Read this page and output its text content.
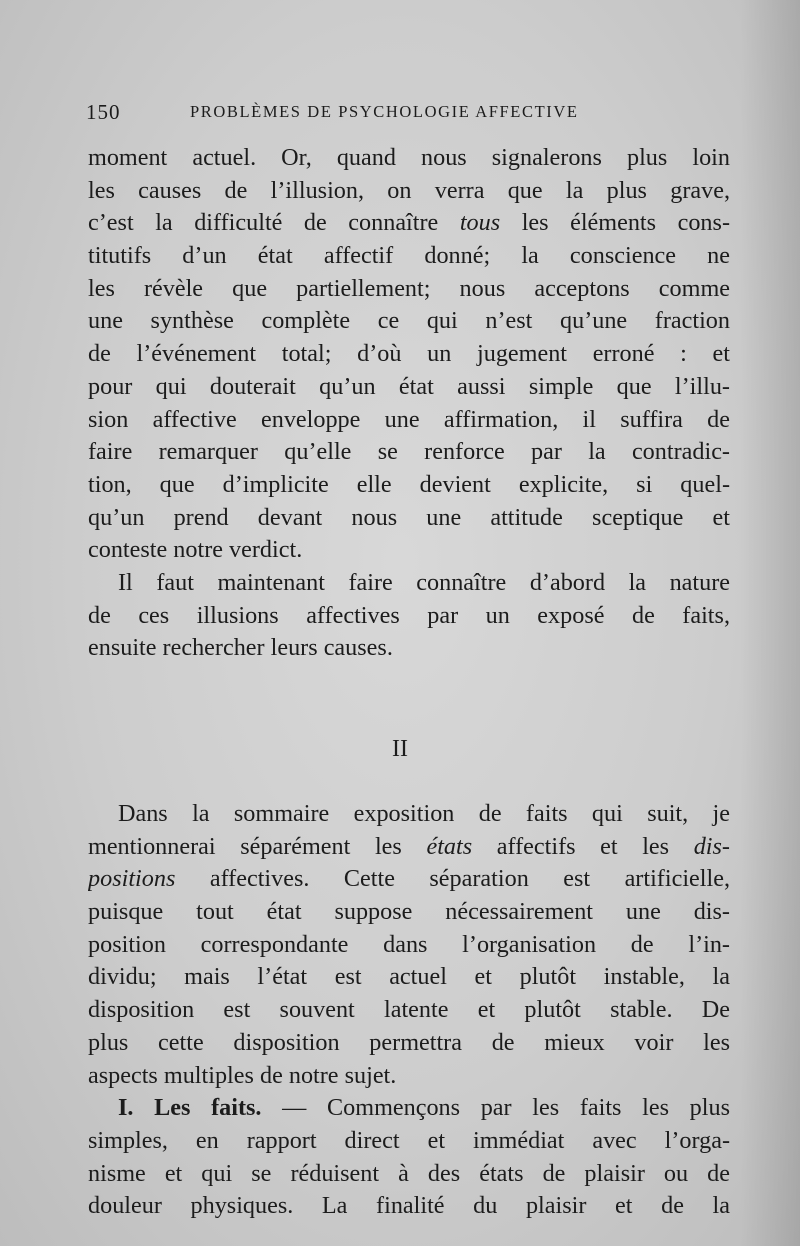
150	PROBLÈMES DE PSYCHOLOGIE AFFECTIVE
moment actuel. Or, quand nous signalerons plus loin
les causes de l’illusion, on verra que la plus grave,
c’est la difficulté de connaître tous les éléments cons-
titutifs d’un état affectif donné; la conscience ne
les révèle que partiellement; nous acceptons comme
une synthèse complète ce qui n’est qu’une fraction
de l’événement total; d’où un jugement erroné : et
pour qui douterait qu’un état aussi simple que l’illu-
sion affective enveloppe une affirmation, il suffira de
faire remarquer qu’elle se renforce par la contradic-
tion, que d’implicite elle devient explicite, si quel-
qu’un prend devant nous une attitude sceptique et
conteste notre verdict.
Il faut maintenant faire connaître d’abord la nature
de ces illusions affectives par un exposé de faits,
ensuite rechercher leurs causes.
II
Dans la sommaire exposition de faits qui suit, je
mentionnerai séparément les états affectifs et les dis-
positions affectives. Cette séparation est artificielle,
puisque tout état suppose nécessairement une dis-
position correspondante dans l’organisation de l’in-
dividu; mais l’état est actuel et plutôt instable, la
disposition est souvent latente et plutôt stable. De
plus cette disposition permettra de mieux voir les
aspects multiples de notre sujet.
I. Les faits. — Commençons par les faits les plus
simples, en rapport direct et immédiat avec l’orga-
nisme et qui se réduisent à des états de plaisir ou de
douleur physiques. La finalité du plaisir et de la
